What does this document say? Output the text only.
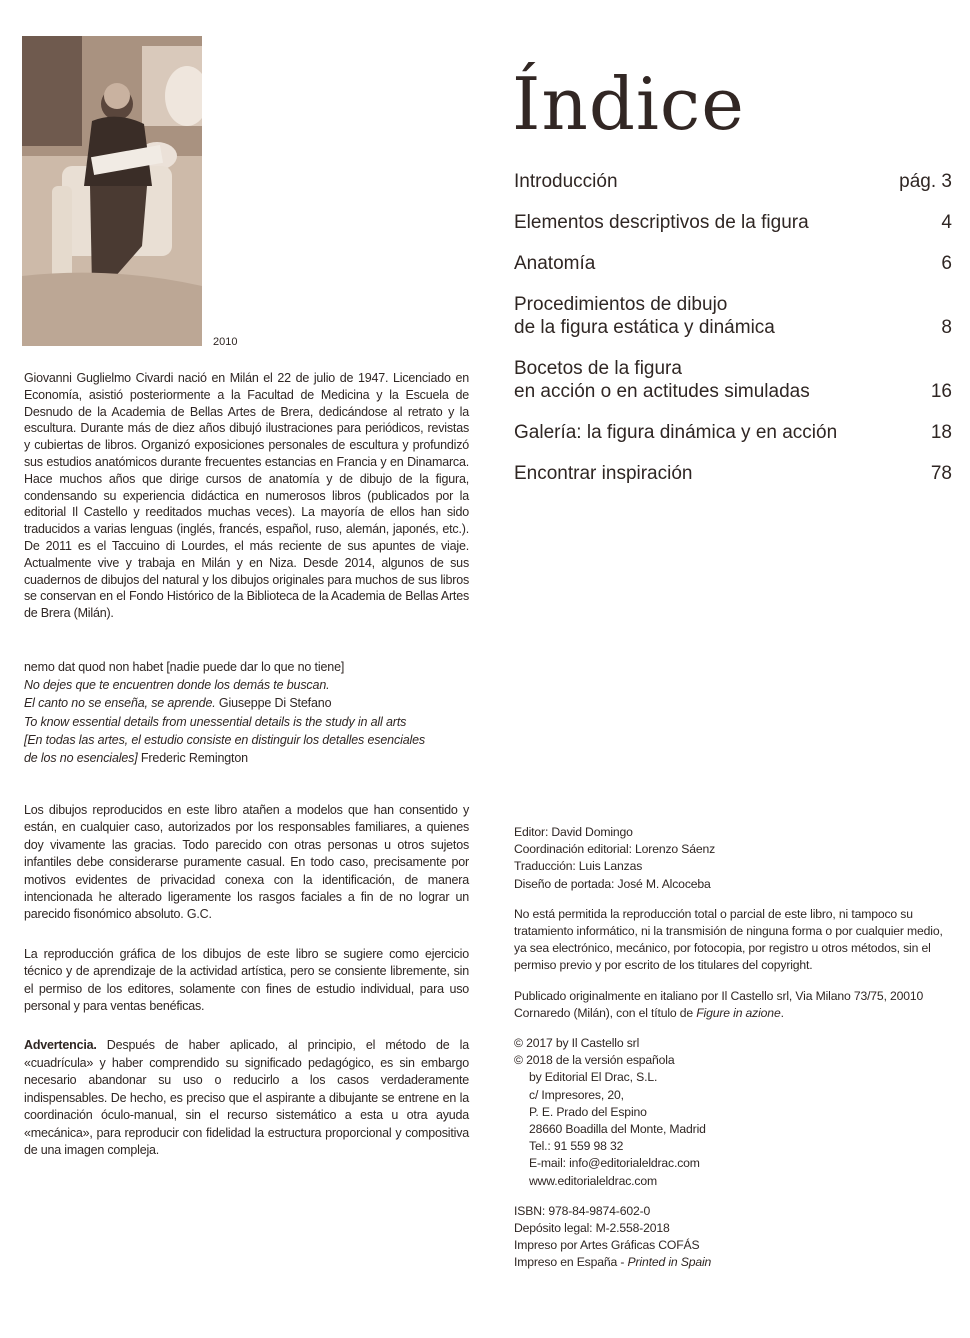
2010
Giovanni Guglielmo Civardi nació en Milán el 22 de julio de 1947. Licenciado en Economía, asistió posteriormente a la Facultad de Medicina y la Escuela de Desnudo de la Academia de Bellas Artes de Brera, dedicándose al retrato y la escultura. Durante más de diez años dibujó ilustraciones para periódicos, revistas y cubiertas de libros. Organizó exposiciones personales de escultura y profundizó sus estudios anatómicos durante frecuentes estancias en Francia y en Dinamarca. Hace muchos años que dirige cursos de anatomía y de dibujo de la figura, condensando su experiencia didáctica en numerosos libros (publicados por la editorial Il Castello y reeditados muchas veces). La mayoría de ellos han sido traducidos a varias lenguas (inglés, francés, español, ruso, alemán, japonés, etc.). De 2011 es el Taccuino di Lourdes, el más reciente de sus apuntes de viaje. Actualmente vive y trabaja en Milán y en Niza. Desde 2014, algunos de sus cuadernos de dibujos del natural y los dibujos originales para muchos de sus libros se conservan en el Fondo Histórico de la Biblioteca de la Academia de Bellas Artes de Brera (Milán).
nemo dat quod non habet [nadie puede dar lo que no tiene]
No dejes que te encuentren donde los demás te buscan.
El canto no se enseña, se aprende. Giuseppe Di Stefano
To know essential details from unessential details is the study in all arts
[En todas las artes, el estudio consiste en distinguir los detalles esenciales
de los no esenciales] Frederic Remington

Los dibujos reproducidos en este libro atañen a modelos que han consentido y están, en cualquier caso, autorizados por los responsables familiares, a quienes doy vivamente las gracias. Todo parecido con otras personas u otros sujetos infantiles debe considerarse puramente casual. En todo caso, precisamente por motivos evidentes de privacidad conexa con la identificación, de manera intencionada he alterado ligeramente los rasgos faciales a fin de no lograr un parecido fisonómico absoluto. G.C.

La reproducción gráfica de los dibujos de este libro se sugiere como ejercicio técnico y de aprendizaje de la actividad artística, pero se consiente libremente, sin el permiso de los editores, solamente con fines de estudio individual, para uso personal y para ventas benéficas.

Advertencia. Después de haber aplicado, al principio, el método de la «cuadrícula» y haber comprendido su significado pedagógico, es sin embargo necesario abandonar su uso o reducirlo a los casos verdaderamente indispensables. De hecho, es preciso que el aspirante a dibujante se entrene en la coordinación óculo-manual, sin el recurso sistemático a esta u otra ayuda «mecánica», para reproducir con fidelidad la estructura proporcional y compositiva de una imagen compleja.

Índice
Introducción	pág. 3
Elementos descriptivos de la figura	4
Anatomía	6
Procedimientos de dibujo
de la figura estática y dinámica	8
Bocetos de la figura
en acción o en actitudes simuladas	16
Galería: la figura dinámica y en acción	18
Encontrar inspiración	78
Editor: David Domingo
Coordinación editorial: Lorenzo Sáenz
Traducción: Luis Lanzas
Diseño de portada: José M. Alcoceba
No está permitida la reproducción total o parcial de este libro, ni tampoco su tratamiento informático, ni la transmisión de ninguna forma o por cualquier medio, ya sea electrónico, mecánico, por fotocopia, por registro u otros métodos, sin el permiso previo y por escrito de los titulares del copyright.
Publicado originalmente en italiano por Il Castello srl, Via Milano 73/75, 20010 Cornaredo (Milán), con el título de Figure in azione.
© 2017 by Il Castello srl
© 2018 de la versión española
by Editorial El Drac, S.L.
c/ Impresores, 20,
P. E. Prado del Espino
28660 Boadilla del Monte, Madrid
Tel.: 91 559 98 32
E-mail: info@editorialeldrac.com
www.editorialeldrac.com
ISBN: 978-84-9874-602-0
Depósito legal: M-2.558-2018
Impreso por Artes Gráficas COFÁS
Impreso en España - Printed in Spain
